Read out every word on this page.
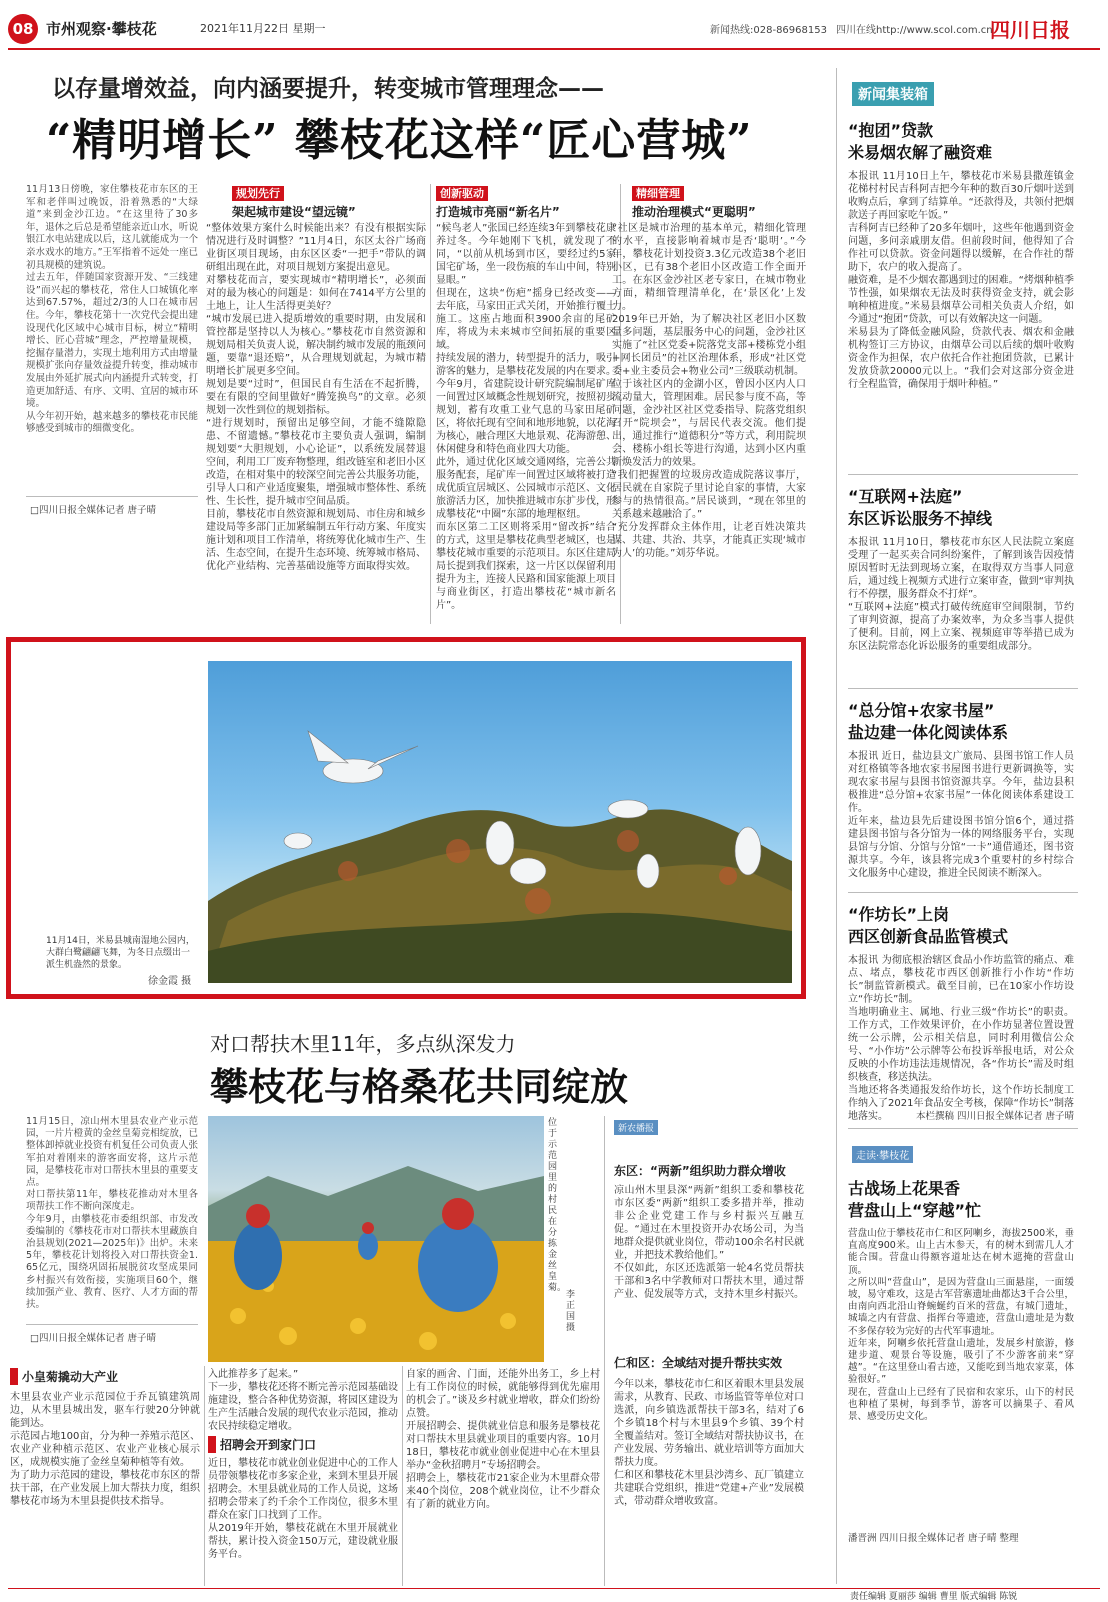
08 市州观察·攀枝花	2021年11月22日 星期一	新闻热线:028-86968153 四川在线http://www.scol.com.cn
四川日报
以存量增效益，向内涵要提升，转变城市管理理念——
“精明增长” 攀枝花这样“匠心营城”
11月13日傍晚，家住攀枝花市东区的王军和老伴叫过晚饭，沿着熟悉的“大绿道”来到金沙江边。“在这里待了30多年，退休之后总是希望能亲近山水，听说银江水电站建成以后，这儿就能成为一个亲水戏水的地方。”王军指着不远处一座已初具规模的建筑说。
过去五年，伴随国家资源开发、“三线建设”而兴起的攀枝花，常住人口城镇化率达到67.57%，超过2/3的人口在城市居住。今年，攀枝花第十一次党代会提出建设现代化区域中心城市目标，树立“精明增长、匠心营城”理念，严控增量规模，挖掘存量潜力，实现土地利用方式由增量规模扩张向存量效益提升转变，推动城市发展由外延扩展式向内涵提升式转变，打造更加舒适、有序、文明、宜居的城市环境。
从今年初开始，越来越多的攀枝花市民能够感受到城市的细微变化。
□四川日报全媒体记者 唐子晴
规划先行
架起城市建设“望远镜”
“整体效果方案什么时候能出来？有没有根据实际情况进行及时调整？”11月4日，东区太谷广场商业街区项目现场，由东区区委“一把手”带队的调研组出现在此，对项目规划方案提出意见。
对攀枝花而言，要实现城市“精明增长”，必须面对的最为核心的问题是：如何在7414平方公里的土地上，让人生活得更美好？
“城市发展已进入提质增效的重要时期，由发展和管控都是坚持以人为核心。”攀枝花市自然资源和规划局相关负责人说，解决制约城市发展的瓶颈问题，要靠“退还赔”，从合理规划就起，为城市精明增长扩展更多空间。
规划是要“过时”，但国民自有生活在不起折腾，要在有限的空间里做好“腾笼换鸟”的文章。必须规划一次性到位的规划指标。
“进行规划时，预留出足够空间，才能不缝隙隐患、不留遗憾。”攀枝花市主要负责人强调，编制规划要“大胆规划，小心论证”，以系统发展替退空间，利用工厂废弃物整理，组改链室和老旧小区改造，在相对集中的较深空间完善公共服务功能，引导人口和产业适度聚集，增强城市整体性、系统性、生长性，提升城市空间品质。
目前，攀枝花市自然资源和规划局、市住房和城乡建设局等多部门正加紧编制五年行动方案、年度实施计划和项目工作清单，将统筹优化城市生产、生活、生态空间，在提升生态环境、统筹城市格局、优化产业结构、完善基础设施等方面取得实效。
创新驱动
打造城市亮丽“新名片”
“候鸟老人”张国已经连续3年到攀枝花康养过冬。今年她刚下飞机，就发现了不同，“以前从机场到市区，要经过约5家国宅矿场，坐一段伤痕的车山中间，特别显眼。”
但现在，这块“伤疤”摇身已经改变——去年底，马家田正式关闭，开始推行覆土施工。这座占地面积3900余亩的尾矿库，将成为未来城市空间拓展的重要区域。
持续发展的潜力，转型提升的活力，吸引游客的魅力，是攀枝花发展的内在要求。
今年9月，省建院设计研究院编制尾矿库一间置过区域概念性规划研究，按照初步规划，蓄有攻重工业气息的马家田尾矿区，将依托现有空间和地形地貌，以花海为核心，融合理区大地景观、花海游憩、休闲健身和特色商业四大功能。
此外，通过优化区域交通网络，完善公共服务配套，尾矿库一间置过区域将被打造成优质宜居城区、公园城市示范区、文化旅游活力区，加快推进城市东扩步伐，形成攀枝花“中圈”东部的地理枢纽。
而东区第二工区则将采用“留改拆”结合的方式，这里是攀枝花典型老城区，也是攀枝花城市重要的示范项目。东区住建局局长提到我们探索，这一片区以保留利用提升为主，连接人民路和国家能源上项目与商业街区，打造出攀枝花“城市新名片”。
精细管理
推动治理模式“更聪明”
“社区是城市治理的基本单元，精细化管理的水平，直接影响着城市是否‘聪明’。”今年，攀枝花计划投资3.3亿元改造38个老旧小区，已有38个老旧小区改造工作全面开工。在东区金沙社区老专家日，在城市物业方面，精细管理清单化，在‘景区化’上发力。
2019年已开始，为了解决社区老旧小区数量多问题，基层服务中心的问题，金沙社区实施了“社区党委+院落党支部+楼栋党小组+网长团员”的社区治理体系，形成“社区党委+业主委员会+物业公司”三级联动机制。
位于该社区内的金湖小区，曾因小区内人口流动量大，管理困难。居民参与度不高，等问题，金沙社区社区党委指导、院落党组织召开“院坝会”，与居民代表交流。他们提出，通过推行“道德积分”等方式，利用院坝会、楼栋小组长等进行沟通，达到小区内重新焕发活力的效果。
“我们把握置的垃圾房改造成院落议事厅，居民就在自家院子里讨论自家的事情，大家参与的热情很高。”居民谈到，“现在邻里的关系越来越融洽了。”
“充分发挥群众主体作用，让老百姓决策共谋、共建、共治、共享，才能真正实现‘城市为人’的功能。”刘芬华说。
11月14日，米易县城南湿地公园内，大群白鹭翩翩飞舞，为冬日点缀出一派生机盎然的景象。
徐金霞 摄
新闻集装箱
“抱团”贷款
米易烟农解了融资难
本报讯 11月10日上午，攀枝花市米易县撒莲镇金花梯村村民吉科阿吉把今年种的数百30斤烟叶送到收购点后，拿到了结算单。“还款得及，共领付把烟款送子再回家吃午饭。”
吉科阿吉已经种了20多年烟叶，这些年他遇到资金问题，多问亲戚朋友借。但前段时间，他得知了合作社可以贷款。资金问题得以缓解，在合作社的帮助下，农户的收入提高了。
融资难，是不少烟农都遇到过的困难。“烤烟种植季节性强，如果烟农无法及时获得资金支持，就会影响种植进度。”米易县烟草公司相关负责人介绍，如今通过“抱团”贷款，可以有效解决这一问题。
米易县为了降低金融风险，贷款代表、烟农和金融机构签订三方协议，由烟草公司以后续的烟叶收购资金作为担保，农户依托合作社抱团贷款，已累计发放贷款20000元以上。“我们会对这部分资金进行全程监管，确保用于烟叶种植。”
“互联网+法庭”
东区诉讼服务不掉线
本报讯 11月10日，攀枝花市东区人民法院立案庭受理了一起买卖合同纠纷案件，了解到该告因疫情原因暂时无法到现场立案，在取得双方当事人同意后，通过线上视频方式进行立案审查，做到“审判执行不停摆，服务群众不打烊”。
“互联网+法庭”模式打破传统庭审空间限制，节约了审判资源，提高了办案效率，为众多当事人提供了便利。目前，网上立案、视频庭审等举措已成为东区法院常态化诉讼服务的重要组成部分。
“总分馆+农家书屋”
盐边建一体化阅读体系
本报讯 近日，盐边县文广旅局、县图书馆工作人员对红格镇等各地农家书屋图书进行更新调换等，实现农家书屋与县图书馆资源共享。今年，盐边县积极推进“总分馆+农家书屋”一体化阅读体系建设工作。
近年来，盐边县先后建设图书馆分馆6个，通过搭建县图书馆与各分馆为一体的网络服务平台，实现县馆与分馆、分馆与分馆“一卡”通借通还，图书资源共享。今年，该县将完成3个重要村的乡村综合文化服务中心建设，推进全民阅读不断深入。
“作坊长”上岗
西区创新食品监管模式
本报讯 为彻底根治辖区食品小作坊监管的痛点、难点、堵点，攀枝花市西区创新推行小作坊“作坊长”制监管新模式。截至目前，已在10家小作坊设立“作坊长”制。
当地明确业主、属地、行业三级“作坊长”的职责。工作方式，工作效果评价，在小作坊显著位置设置统一公示牌，公示相关信息，同时利用微信公众号、“小作坊”公示牌等公布投诉举报电话，对公众反映的小作坊违法违规情况，各“作坊长”需及时组织核查，移送执法。
当地还将各类通报发给作坊长，这个作坊长制度工作纳入了2021年食品安全考核，保障“作坊长”制落地落实。	本栏撰稿 四川日报全媒体记者 唐子晴
对口帮扶木里11年，多点纵深发力
攀枝花与格桑花共同绽放
11月15日，凉山州木里县农业产业示范园，一片片橙黄的金丝皇菊竞相绽放，已整体卸掉就业投资有机复任公司负责人张军拍对着刚来的游客面安将，这片示范园，是攀枝花市对口帮扶木里县的重要支点。
对口帮扶第11年，攀枝花推动对木里各项帮扶工作不断向深度走。
今年9月，由攀枝花市委组织部、市发改委编制的《攀枝花市对口帮扶木里藏族自治县规划(2021—2025年)》出炉。未来5年，攀枝花计划将投入对口帮扶资金1.65亿元，围绕巩固拓展脱贫攻坚成果同乡村振兴有效衔接，实施项目60个，继续加强产业、教育、医疗、人才方面的帮扶。
□四川日报全媒体记者 唐子晴
位于示范园里的村民在分拣金丝皇菊。
李正国 摄
新农播报
东区：“两新”组织助力群众增收
凉山州木里县深“两新”组织工委和攀枝花市东区委“两新”组织工委多措并举，推动非公企业党建工作与乡村振兴互融互促。“通过在木里投资开办农场公司，为当地群众提供就业岗位，带动100余名村民就业，并把技术教给他们。”
不仅如此，东区还选派第一轮4名党员帮扶干部和3名中学教师对口帮扶木里，通过帮产业、促发展等方式，支持木里乡村振兴。
仁和区：全域结对提升帮扶实效
今年以来，攀枝花市仁和区着眼木里县发展需求，从教育、民政、市场监管等单位对口选派，向乡镇选派帮扶干部3名，结对了6个乡镇18个村与木里县9个乡镇、39个村全覆盖结对。签订全域结对帮扶协议书，在产业发展、劳务输出、就业培训等方面加大帮扶力度。
仁和区和攀枝花木里县沙湾乡、瓦厂镇建立共建联合党组织，推进“党建+产业”发展模式，带动群众增收致富。
小皇菊撬动大产业
木里县农业产业示范园位于乔瓦镇建筑周边，从木里县城出发，驱车行驶20分钟就能到达。
示范园占地100亩，分为种一养殖示范区、农业产业种植示范区、农业产业核心展示区，成规模实施了金丝皇菊种植等有效。
为了助力示范园的建设，攀枝花市东区的帮扶干部，在产业发展上加大帮扶力度，组织攀枝花市场为木里县提供技术指导。
入此推荐多了起来。”
下一步，攀枝花还将不断完善示范园基础设施建设，整合各种优势资源，将园区建设为生产生活融合发展的现代农业示范园，推动农民持续稳定增收。
招聘会开到家门口
近日，攀枝花市就业创业促进中心的工作人员带领攀枝花市多家企业，来到木里县开展招聘会。木里县就业局的工作人员说，这场招聘会带来了约千余个工作岗位，很多木里群众在家门口找到了工作。
从2019年开始，攀枝花就在木里开展就业帮扶，累计投入资金150万元，建设就业服务平台。
自家的画舍、门面，还能外出务工，乡上村上有工作岗位的时候，就能够得到优先雇用的机会了。”谈及乡村就业增收，群众们纷纷点赞。
开展招聘会、提供就业信息和服务是攀枝花对口帮扶木里县就业项目的重要内容。10月18日，攀枝花市就业创业促进中心在木里县举办“金秋招聘月”专场招聘会。
招聘会上，攀枝花市21家企业为木里群众带来40个岗位，208个就业岗位，让不少群众有了新的就业方向。
走读·攀枝花
古战场上花果香
营盘山上“穿越”忙
营盘山位于攀枝花市仁和区阿喇乡，海拔2500米，垂直高度900米。山上古木参天，有的树木到需几人才能合围。营盘山得额容道址达在树木遮掩的营盘山顶。
之所以叫“营盘山”，是因为营盘山三面悬崖，一面缓坡，易守难攻，这是古军营寨遗址曲都达3千合公里，由南向西北沿山脊蜿蜒约百米的营盘，有城门遗址，城墙之内有营盘、指挥台等遗迹，营盘山遗址是为数不多保存较为完好的古代军事遗址。
近年来，阿喇乡依托营盘山遗址，发展乡村旅游，修建步道、观景台等设施，吸引了不少游客前来“穿越”。“在这里登山看古迹，又能吃到当地农家菜，体验很好。”
现在，营盘山上已经有了民宿和农家乐，山下的村民也种植了果树，每到季节，游客可以摘果子、看风景、感受历史文化。
潘晋洲 四川日报全媒体记者 唐子晴 整理
责任编辑 夏丽莎 编辑 曹里 版式编辑 陈锐
